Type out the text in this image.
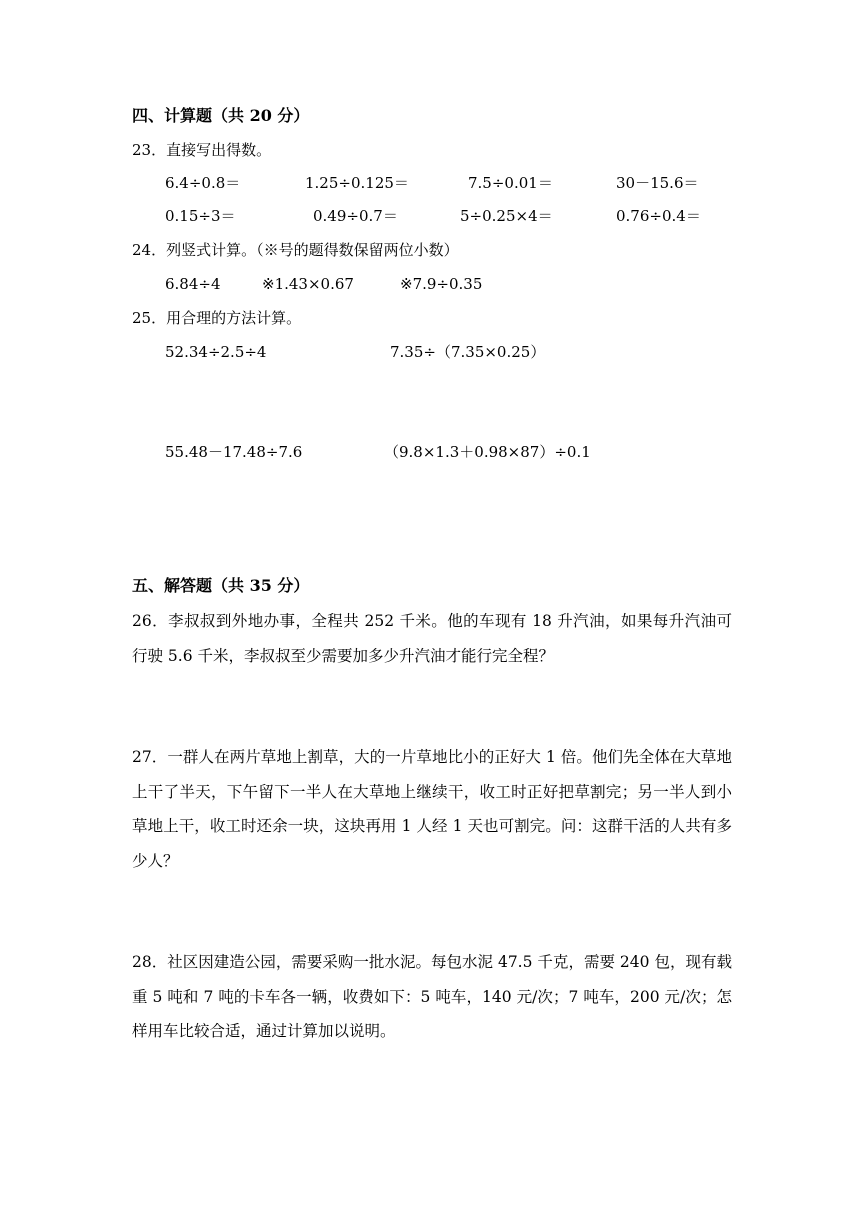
四、计算题（共 20 分）
23．直接写出得数。
6.4÷0.8＝	1.25÷0.125＝	7.5÷0.01＝	30－15.6＝
0.15÷3＝	0.49÷0.7＝	5÷0.25×4＝	0.76÷0.4＝
24．列竖式计算。（※号的题得数保留两位小数）
6.84÷4	※1.43×0.67	※7.9÷0.35
25．用合理的方法计算。
52.34÷2.5÷4	7.35÷（7.35×0.25）
55.48－17.48÷7.6	（9.8×1.3＋0.98×87）÷0.1
五、解答题（共 35 分）
26．李叔叔到外地办事，全程共 252 千米。他的车现有 18 升汽油，如果每升汽油可行驶 5.6 千米，李叔叔至少需要加多少升汽油才能行完全程？
27．一群人在两片草地上割草，大的一片草地比小的正好大 1 倍。他们先全体在大草地上干了半天，下午留下一半人在大草地上继续干，收工时正好把草割完；另一半人到小草地上干，收工时还余一块，这块再用 1 人经 1 天也可割完。问：这群干活的人共有多少人？
28．社区因建造公园，需要采购一批水泥。每包水泥 47.5 千克，需要 240 包，现有载重 5 吨和 7 吨的卡车各一辆，收费如下：5 吨车，140 元/次；7 吨车，200 元/次；怎样用车比较合适，通过计算加以说明。
